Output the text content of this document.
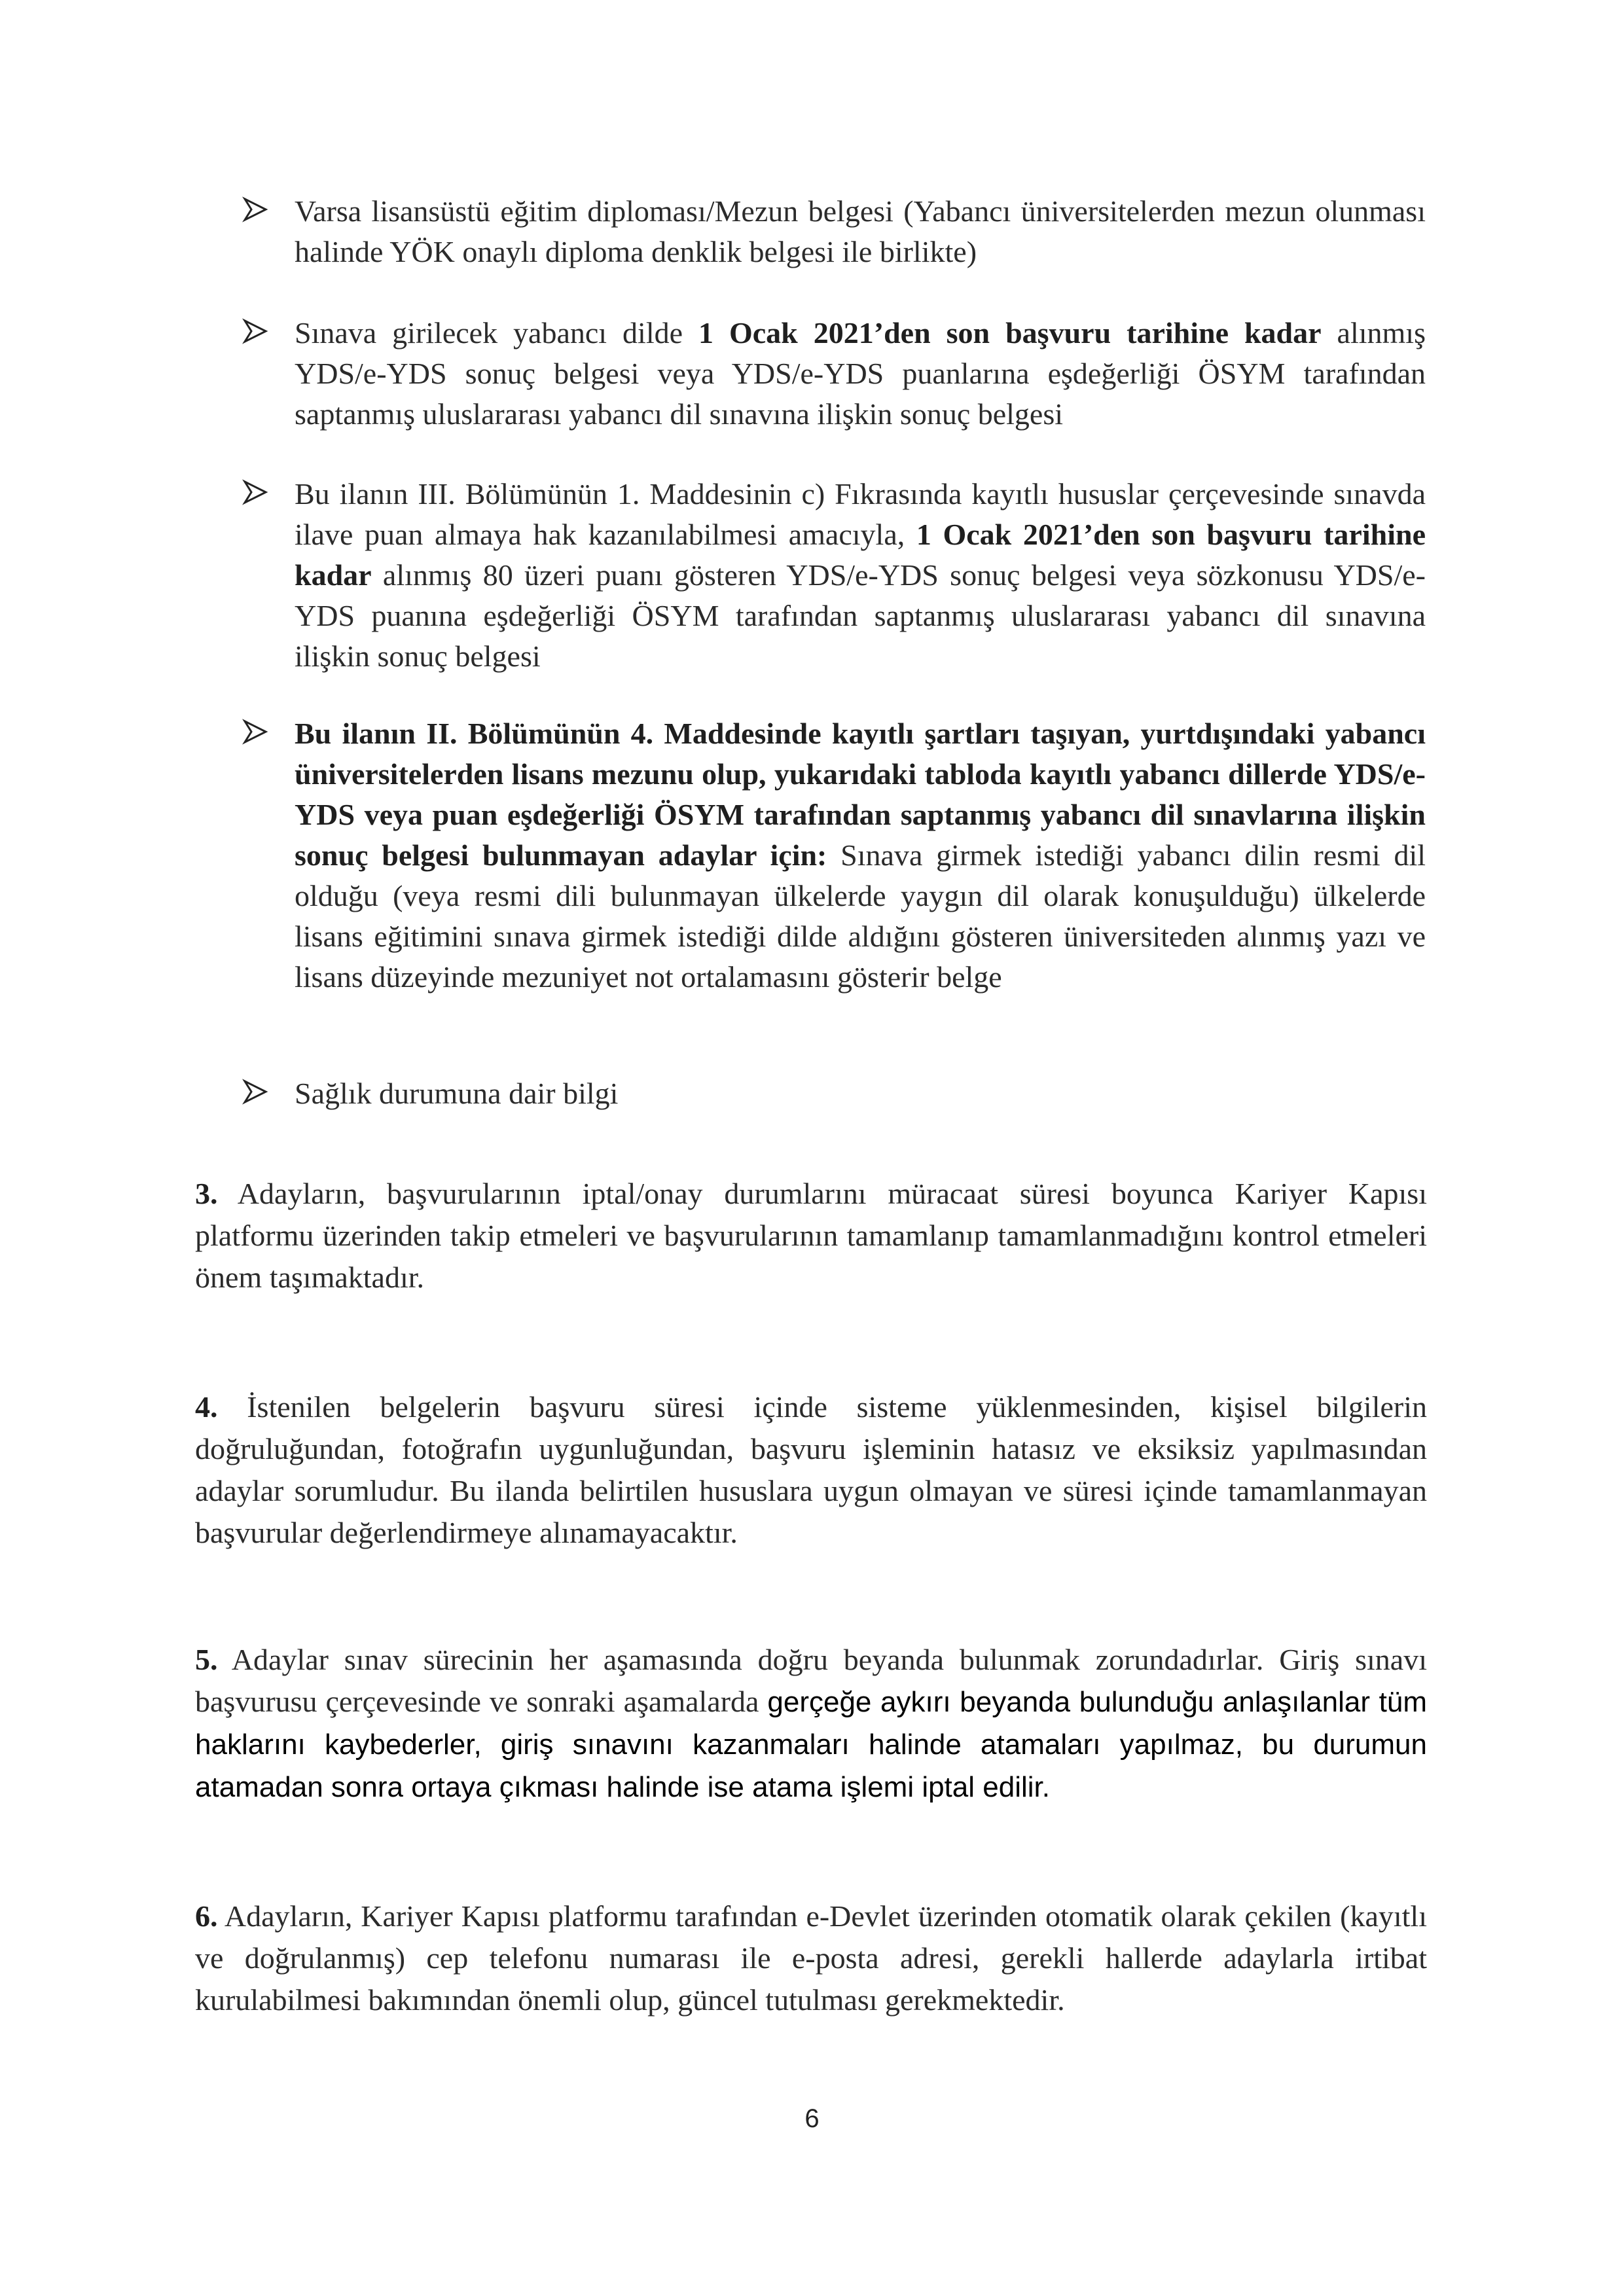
Varsa lisansüstü eğitim diploması/Mezun belgesi (Yabancı üniversitelerden mezun olunması halinde YÖK onaylı diploma denklik belgesi ile birlikte)
Sınava girilecek yabancı dilde 1 Ocak 2021’den son başvuru tarihine kadar alınmış YDS/e-YDS sonuç belgesi veya YDS/e-YDS puanlarına eşdeğerliği ÖSYM tarafından saptanmış uluslararası yabancı dil sınavına ilişkin sonuç belgesi
Bu ilanın III. Bölümünün 1. Maddesinin c) Fıkrasında kayıtlı hususlar çerçevesinde sınavda ilave puan almaya hak kazanılabilmesi amacıyla, 1 Ocak 2021’den son başvuru tarihine kadar alınmış 80 üzeri puanı gösteren YDS/e-YDS sonuç belgesi veya sözkonusu YDS/e-YDS puanına eşdeğerliği ÖSYM tarafından saptanmış uluslararası yabancı dil sınavına ilişkin sonuç belgesi
Bu ilanın II. Bölümünün 4. Maddesinde kayıtlı şartları taşıyan, yurtdışındaki yabancı üniversitelerden lisans mezunu olup, yukarıdaki tabloda kayıtlı yabancı dillerde YDS/e-YDS veya puan eşdeğerliği ÖSYM tarafından saptanmış yabancı dil sınavlarına ilişkin sonuç belgesi bulunmayan adaylar için: Sınava girmek istediği yabancı dilin resmi dil olduğu (veya resmi dili bulunmayan ülkelerde yaygın dil olarak konuşulduğu) ülkelerde lisans eğitimini sınava girmek istediği dilde aldığını gösteren üniversiteden alınmış yazı ve lisans düzeyinde mezuniyet not ortalamasını gösterir belge
Sağlık durumuna dair bilgi
3. Adayların, başvurularının iptal/onay durumlarını müracaat süresi boyunca Kariyer Kapısı platformu üzerinden takip etmeleri ve başvurularının tamamlanıp tamamlanmadığını kontrol etmeleri önem taşımaktadır.
4. İstenilen belgelerin başvuru süresi içinde sisteme yüklenmesinden, kişisel bilgilerin doğruluğundan, fotoğrafın uygunluğundan, başvuru işleminin hatasız ve eksiksiz yapılmasından adaylar sorumludur. Bu ilanda belirtilen hususlara uygun olmayan ve süresi içinde tamamlanmayan başvurular değerlendirmeye alınamayacaktır.
5. Adaylar sınav sürecinin her aşamasında doğru beyanda bulunmak zorundadırlar. Giriş sınavı başvurusu çerçevesinde ve sonraki aşamalarda gerçeğe aykırı beyanda bulunduğu anlaşılanlar tüm haklarını kaybederler, giriş sınavını kazanmaları halinde atamaları yapılmaz, bu durumun atamadan sonra ortaya çıkması halinde ise atama işlemi iptal edilir.
6. Adayların, Kariyer Kapısı platformu tarafından e-Devlet üzerinden otomatik olarak çekilen (kayıtlı ve doğrulanmış) cep telefonu numarası ile e-posta adresi, gerekli hallerde adaylarla irtibat kurulabilmesi bakımından önemli olup, güncel tutulması gerekmektedir.
6
